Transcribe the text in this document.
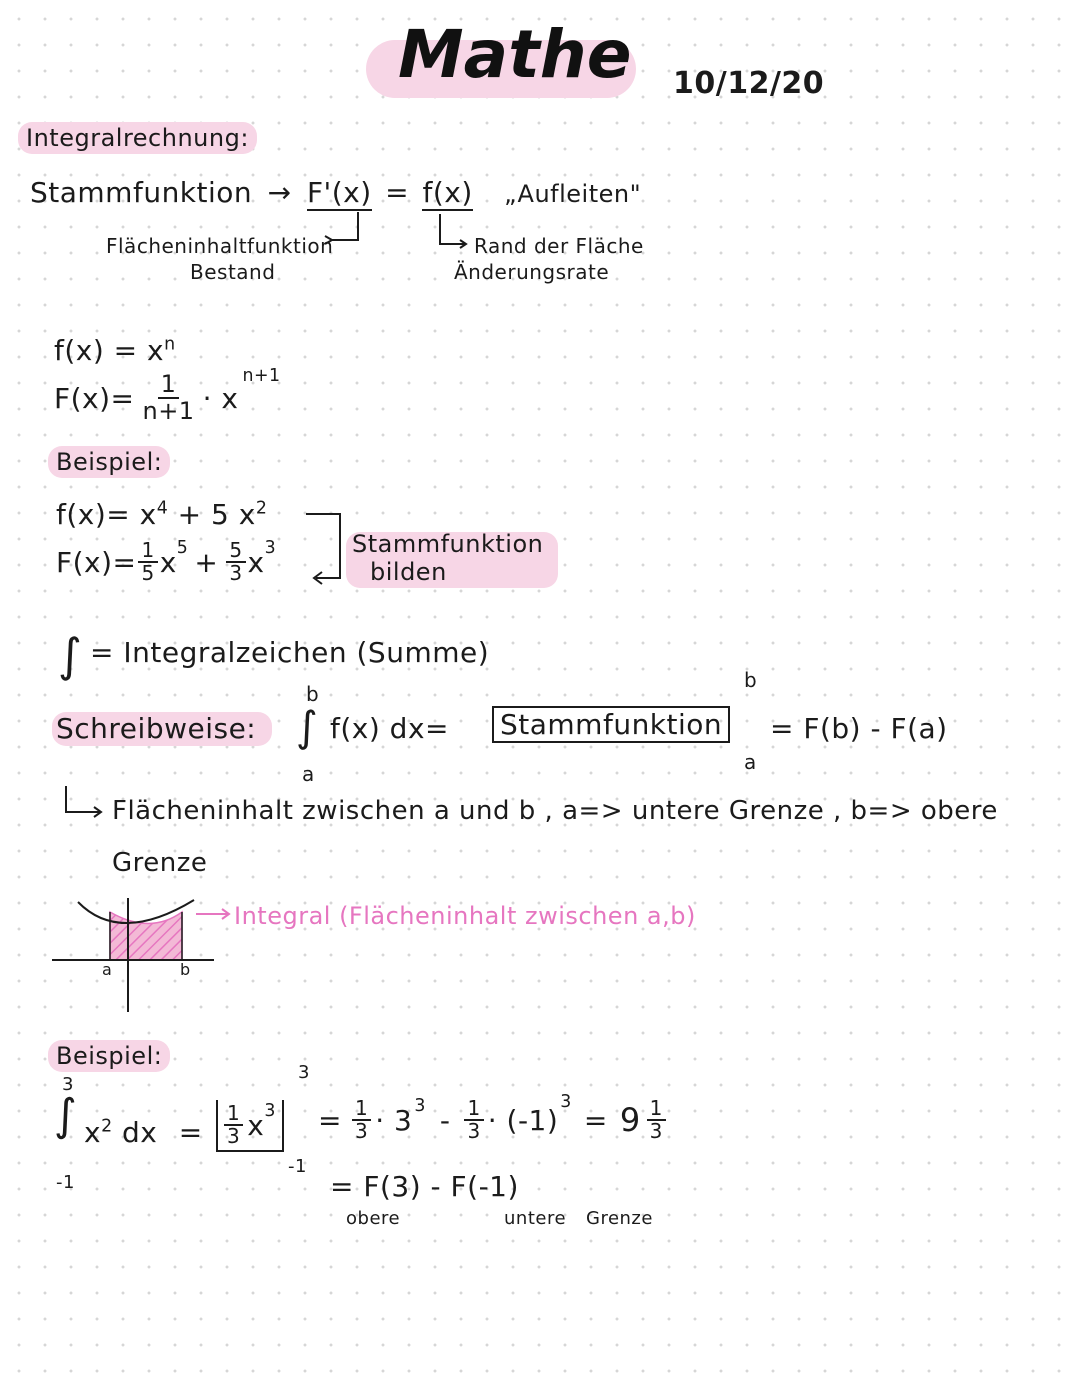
Mathe 10/12/20
Integralrechnung:
Stammfunktion → F'(x) = f(x) „Aufleiten"
Flächeninhaltfunktion
Bestand
Rand der Fläche
Änderungsrate
$f(x) = x^n$
$F(x)= \frac{1}{n+1} \cdot x$
n+1
Beispiel:
$f(x)= x^4 + 5$ $x^2$
$F(x)= \frac{1}{5}$ x $5 + \frac{5}{3}$ x 3	Stammfunktion
bilden
∫ = Integralzeichen (Summe)
Schreibweise:
b
∫
a
f(x) dx= Stammfunktion
b
a
= F(b) - F(a)
Flächeninhalt zwischen a und b , a=> untere Grenze , b=> obere
Grenze
a	b
Integral (Flächeninhalt zwischen a,b)
Beispiel:
3
∫
-1
$x^2$ dx = $\frac{1}{3}$ x 3
3
-1
= $\frac{1}{3} \cdot 3$ $3 - \frac{1}{3} \cdot (-1)$
3
= $9 \frac{1}{3}$
= F(3) - F(-1)
obere	untere Grenze
